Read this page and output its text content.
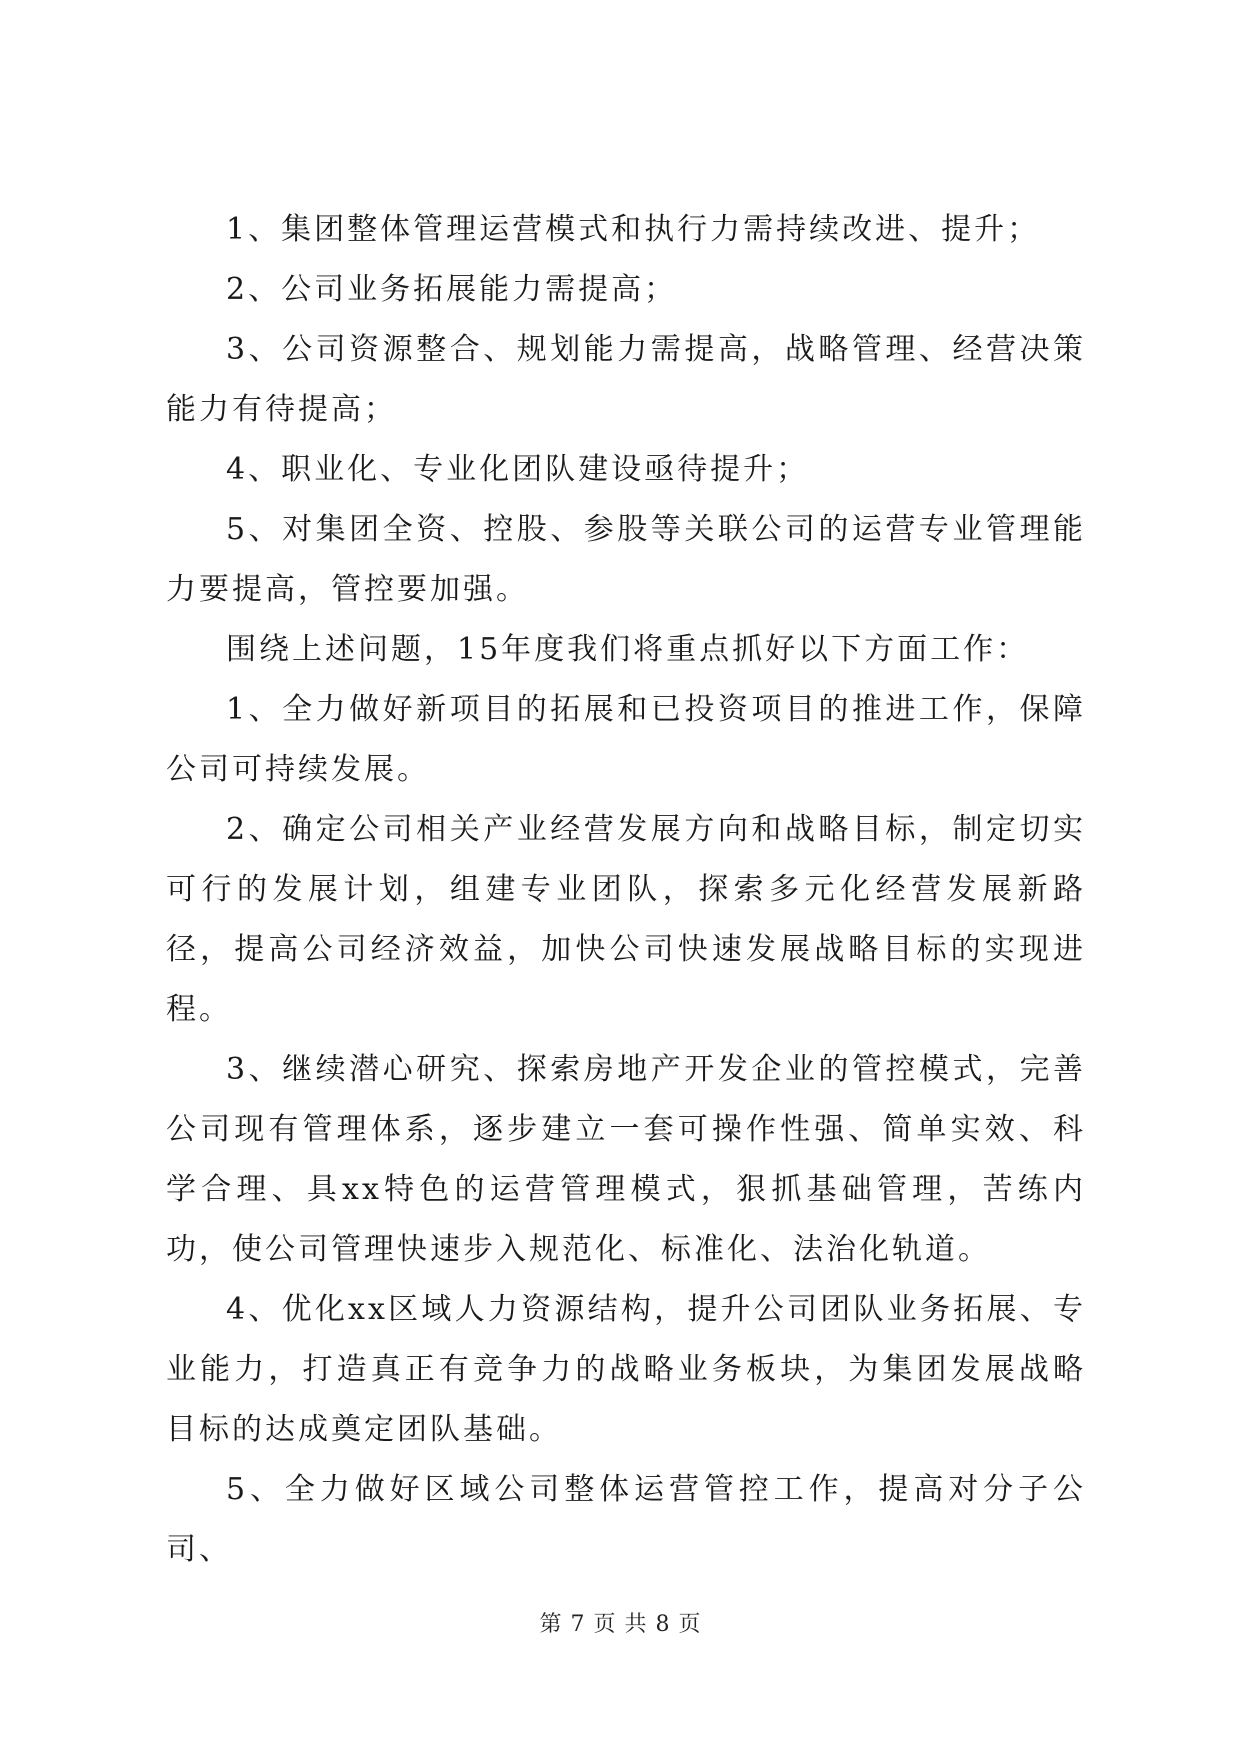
1、集团整体管理运营模式和执行力需持续改进、提升；

2、公司业务拓展能力需提高；

3、公司资源整合、规划能力需提高，战略管理、经营决策能力有待提高；

4、职业化、专业化团队建设亟待提升；

5、对集团全资、控股、参股等关联公司的运营专业管理能力要提高，管控要加强。

围绕上述问题，15年度我们将重点抓好以下方面工作：

1、全力做好新项目的拓展和已投资项目的推进工作，保障公司可持续发展。

2、确定公司相关产业经营发展方向和战略目标，制定切实可行的发展计划，组建专业团队，探索多元化经营发展新路径，提高公司经济效益，加快公司快速发展战略目标的实现进程。

3、继续潜心研究、探索房地产开发企业的管控模式，完善公司现有管理体系，逐步建立一套可操作性强、简单实效、科学合理、具xx特色的运营管理模式，狠抓基础管理，苦练内功，使公司管理快速步入规范化、标准化、法治化轨道。

4、优化xx区域人力资源结构，提升公司团队业务拓展、专业能力，打造真正有竞争力的战略业务板块，为集团发展战略目标的达成奠定团队基础。

5、全力做好区域公司整体运营管控工作，提高对分子公司、

第 7 页 共 8 页
